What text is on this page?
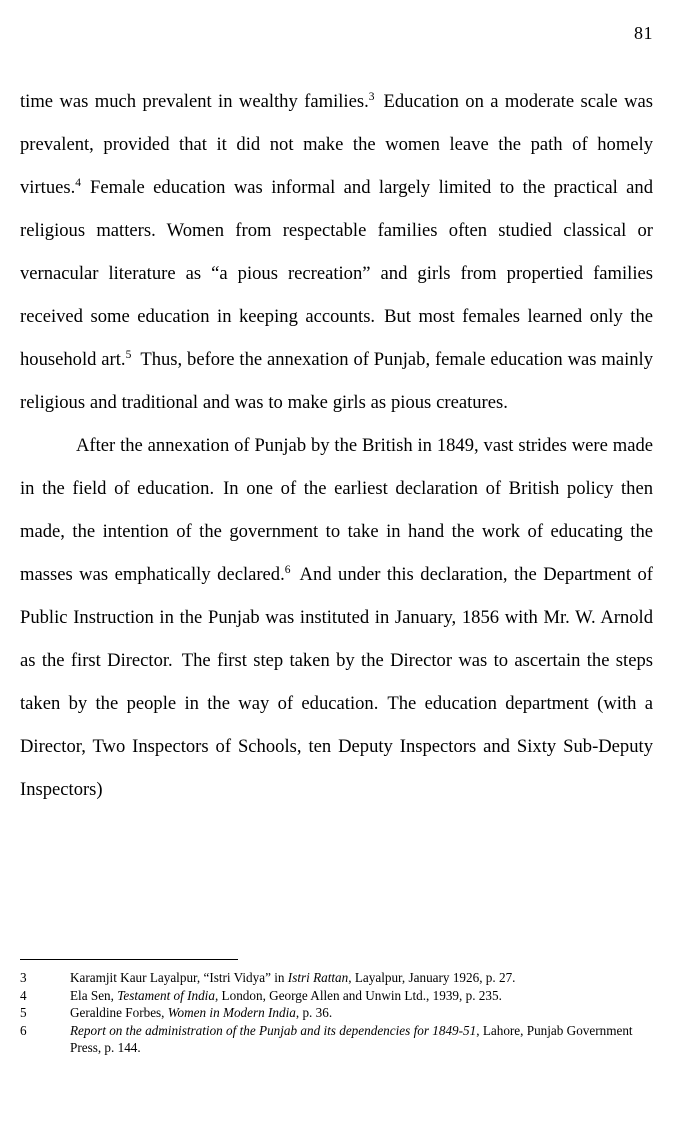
81

time was much prevalent in wealthy families.$^3$ Education on a moderate scale was prevalent, provided that it did not make the women leave the path of homely virtues.$^4$ Female education was informal and largely limited to the practical and religious matters. Women from respectable families often studied classical or vernacular literature as “a pious recreation” and girls from propertied families received some education in keeping accounts. But most females learned only the household art.$^5$ Thus, before the annexation of Punjab, female education was mainly religious and traditional and was to make girls as pious creatures.

After the annexation of Punjab by the British in 1849, vast strides were made in the field of education. In one of the earliest declaration of British policy then made, the intention of the government to take in hand the work of educating the masses was emphatically declared.$^6$ And under this declaration, the Department of Public Instruction in the Punjab was instituted in January, 1856 with Mr. W. Arnold as the first Director. The first step taken by the Director was to ascertain the steps taken by the people in the way of education. The education department (with a Director, Two Inspectors of Schools, ten Deputy Inspectors and Sixty Sub-Deputy Inspectors)

3	Karamjit Kaur Layalpur, “Istri Vidya” in Istri Rattan, Layalpur, January 1926, p. 27.
4	Ela Sen, Testament of India, London, George Allen and Unwin Ltd., 1939, p. 235.
5	Geraldine Forbes, Women in Modern India, p. 36.
6	Report on the administration of the Punjab and its dependencies for 1849-51, Lahore, Punjab Government Press, p. 144.
